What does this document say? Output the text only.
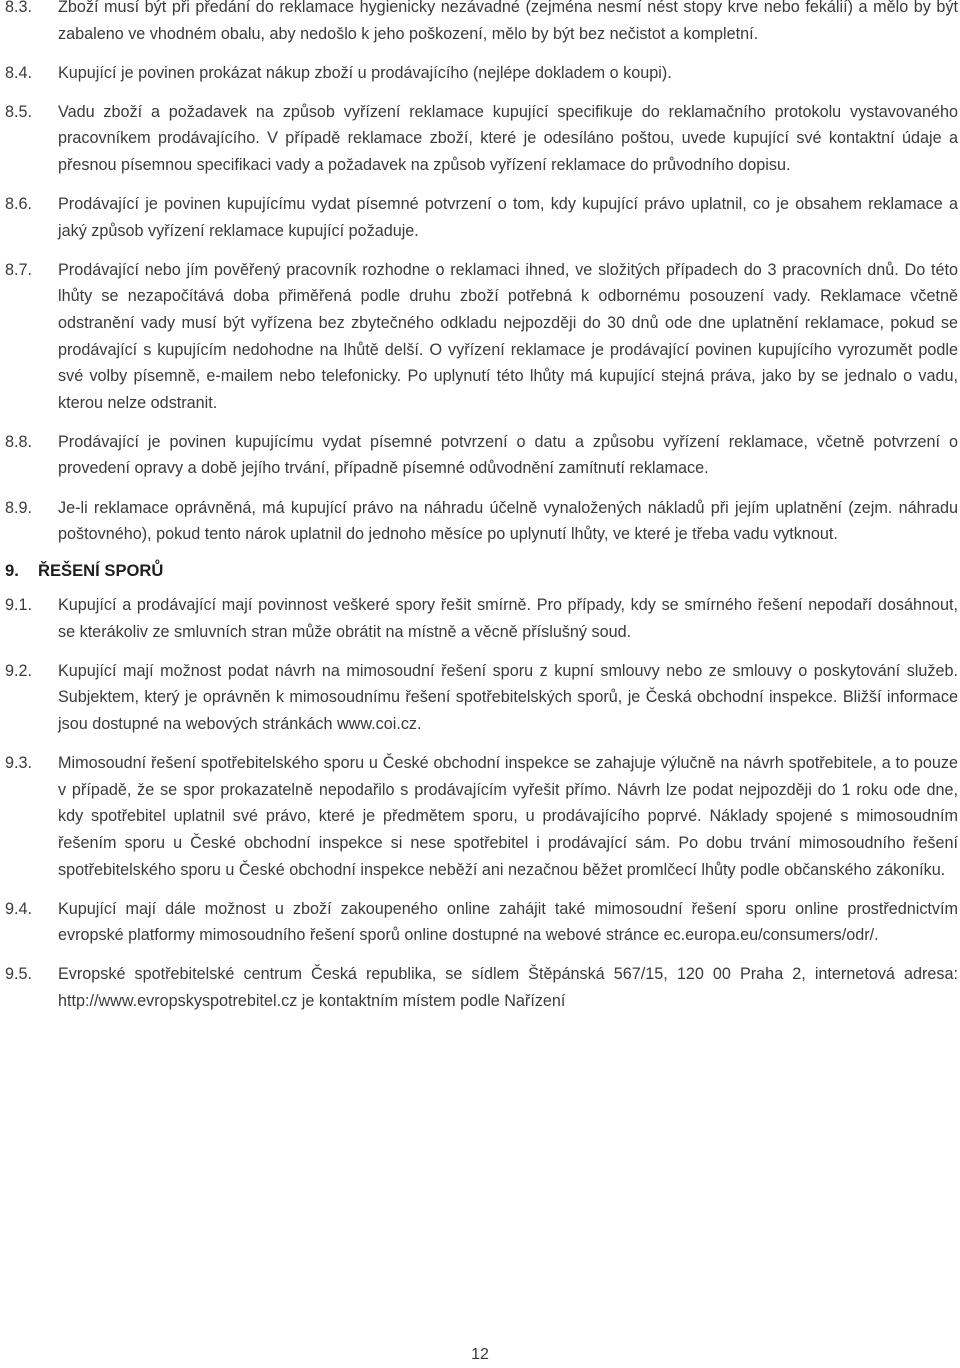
8.3.	Zboží musí být při předání do reklamace hygienicky nezávadné (zejména nesmí nést stopy krve nebo fekálií) a mělo by být zabaleno ve vhodném obalu, aby nedošlo k jeho poškození, mělo by být bez nečistot a kompletní.
8.4.	Kupující je povinen prokázat nákup zboží u prodávajícího (nejlépe dokladem o koupi).
8.5.	Vadu zboží a požadavek na způsob vyřízení reklamace kupující specifikuje do reklamačního protokolu vystavovaného pracovníkem prodávajícího. V případě reklamace zboží, které je odesíláno poštou, uvede kupující své kontaktní údaje a přesnou písemnou specifikaci vady a požadavek na způsob vyřízení reklamace do průvodního dopisu.
8.6.	Prodávající je povinen kupujícímu vydat písemné potvrzení o tom, kdy kupující právo uplatnil, co je obsahem reklamace a jaký způsob vyřízení reklamace kupující požaduje.
8.7.	Prodávající nebo jím pověřený pracovník rozhodne o reklamaci ihned, ve složitých případech do 3 pracovních dnů. Do této lhůty se nezapočítává doba přiměřená podle druhu zboží potřebná k odbornému posouzení vady. Reklamace včetně odstranění vady musí být vyřízena bez zbytečného odkladu nejpozději do 30 dnů ode dne uplatnění reklamace, pokud se prodávající s kupujícím nedohodne na lhůtě delší. O vyřízení reklamace je prodávající povinen kupujícího vyrozumět podle své volby písemně, e-mailem nebo telefonicky. Po uplynutí této lhůty má kupující stejná práva, jako by se jednalo o vadu, kterou nelze odstranit.
8.8.	Prodávající je povinen kupujícímu vydat písemné potvrzení o datu a způsobu vyřízení reklamace, včetně potvrzení o provedení opravy a době jejího trvání, případně písemné odůvodnění zamítnutí reklamace.
8.9.	Je-li reklamace oprávněná, má kupující právo na náhradu účelně vynaložených nákladů při jejím uplatnění (zejm. náhradu poštovného), pokud tento nárok uplatnil do jednoho měsíce po uplynutí lhůty, ve které je třeba vadu vytknout.
9.	ŘEŠENÍ SPORŮ
9.1.	Kupující a prodávající mají povinnost veškeré spory řešit smírně. Pro případy, kdy se smírného řešení nepodaří dosáhnout, se kterákoliv ze smluvních stran může obrátit na místně a věcně příslušný soud.
9.2.	Kupující mají možnost podat návrh na mimosoudní řešení sporu z kupní smlouvy nebo ze smlouvy o poskytování služeb. Subjektem, který je oprávněn k mimosoudnímu řešení spotřebitelských sporů, je Česká obchodní inspekce. Bližší informace jsou dostupné na webových stránkách www.coi.cz.
9.3.	Mimosoudní řešení spotřebitelského sporu u České obchodní inspekce se zahajuje výlučně na návrh spotřebitele, a to pouze v případě, že se spor prokazatelně nepodařilo s prodávajícím vyřešit přímo. Návrh lze podat nejpozději do 1 roku ode dne, kdy spotřebitel uplatnil své právo, které je předmětem sporu, u prodávajícího poprvé. Náklady spojené s mimosoudním řešením sporu u České obchodní inspekce si nese spotřebitel i prodávající sám. Po dobu trvání mimosoudního řešení spotřebitelského sporu u České obchodní inspekce neběží ani nezačnou běžet promlčecí lhůty podle občanského zákoníku.
9.4.	Kupující mají dále možnost u zboží zakoupeného online zahájit také mimosoudní řešení sporu online prostřednictvím evropské platformy mimosoudního řešení sporů online dostupné na webové stránce ec.europa.eu/consumers/odr/.
9.5.	Evropské spotřebitelské centrum Česká republika, se sídlem Štěpánská 567/15, 120 00 Praha 2, internetová adresa: http://www.evropskyspotrebitel.cz je kontaktním místem podle Nařízení
12
